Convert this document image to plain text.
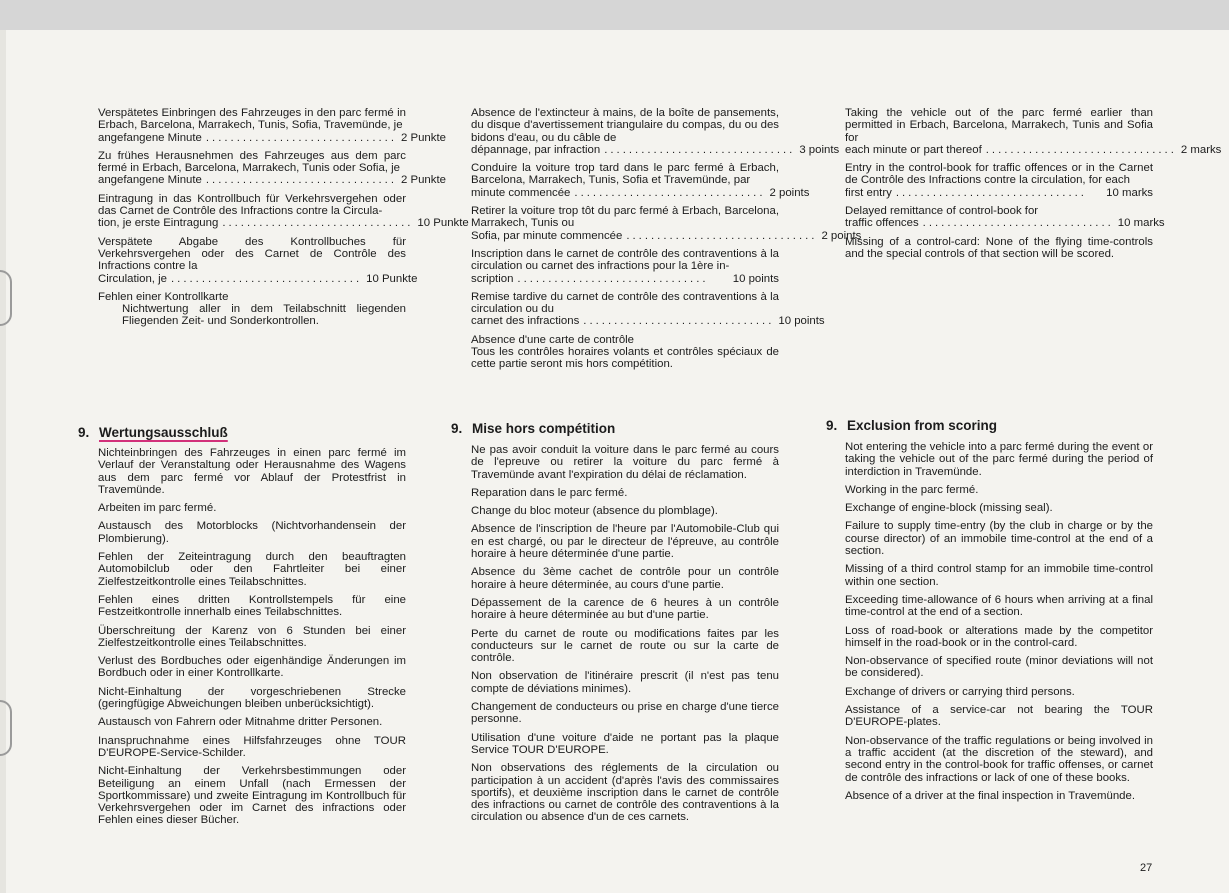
Verspätetes Einbringen des Fahrzeuges in den parc fermé in Erbach, Barcelona, Marrakech, Tunis, Sofia, Travemünde, je
angefangene Minute ............................... 2 Punkte
Zu frühes Herausnehmen des Fahrzeuges aus dem parc fermé in Erbach, Barcelona, Marrakech, Tunis oder Sofia, je
angefangene Minute ............................... 2 Punkte
Eintragung in das Kontrollbuch für Verkehrsvergehen oder das Carnet de Contrôle des Infractions contre la Circula-
tion, je erste Eintragung ............................... 10 Punkte
Verspätete Abgabe des Kontrollbuches für Verkehrsvergehen oder des Carnet de Contrôle des Infractions contre la
Circulation, je ............................... 10 Punkte
Fehlen einer Kontrollkarte
Nichtwertung aller in dem Teilabschnitt liegenden Fliegenden Zeit- und Sonderkontrollen.
9. Wertungsausschluß
Nichteinbringen des Fahrzeuges in einen parc fermé im Verlauf der Veranstaltung oder Herausnahme des Wagens aus dem parc fermé vor Ablauf der Protestfrist in Travemünde.
Arbeiten im parc fermé.
Austausch des Motorblocks (Nichtvorhandensein der Plombierung).
Fehlen der Zeiteintragung durch den beauftragten Automobilclub oder den Fahrtleiter bei einer Zielfestzeitkontrolle eines Teilabschnittes.
Fehlen eines dritten Kontrollstempels für eine Festzeitkontrolle innerhalb eines Teilabschnittes.
Überschreitung der Karenz von 6 Stunden bei einer Zielfestzeitkontrolle eines Teilabschnittes.
Verlust des Bordbuches oder eigenhändige Änderungen im Bordbuch oder in einer Kontrollkarte.
Nicht-Einhaltung der vorgeschriebenen Strecke (geringfügige Abweichungen bleiben unberücksichtigt).
Austausch von Fahrern oder Mitnahme dritter Personen.
Inanspruchnahme eines Hilfsfahrzeuges ohne TOUR D'EUROPE-Service-Schilder.
Nicht-Einhaltung der Verkehrsbestimmungen oder Beteiligung an einem Unfall (nach Ermessen der Sportkommissare) und zweite Eintragung im Kontrollbuch für Verkehrsvergehen oder im Carnet des infractions oder Fehlen eines dieser Bücher.
Absence de l'extincteur à mains, de la boîte de pansements, du disque d'avertissement triangulaire du compas, du ou des bidons d'eau, ou du câble de
dépannage, par infraction ............................... 3 points
Conduire la voiture trop tard dans le parc fermé à Erbach, Barcelona, Marrakech, Tunis, Sofia et Travemünde, par
minute commencée ............................... 2 points
Retirer la voiture trop tôt du parc fermé à Erbach, Barcelona, Marrakech, Tunis ou
Sofia, par minute commencée ............................... 2 points
Inscription dans le carnet de contrôle des contraventions à la circulation ou carnet des infractions pour la 1ère in-
scription ...............................	10 points
Remise tardive du carnet de contrôle des contraventions à la circulation ou du
carnet des infractions ............................... 10 points
Absence d'une carte de contrôle
Tous les contrôles horaires volants et contrôles spéciaux de cette partie seront mis hors compétition.
9. Mise hors compétition
Ne pas avoir conduit la voiture dans le parc fermé au cours de l'epreuve ou retirer la voiture du parc fermé à Travemünde avant l'expiration du délai de réclamation.
Reparation dans le parc fermé.
Change du bloc moteur (absence du plomblage).
Absence de l'inscription de l'heure par l'Automobile-Club qui en est chargé, ou par le directeur de l'épreuve, au contrôle horaire à heure déterminée d'une partie.
Absence du 3ème cachet de contrôle pour un contrôle horaire à heure déterminée, au cours d'une partie.
Dépassement de la carence de 6 heures à un contrôle horaire à heure déterminée au but d'une partie.
Perte du carnet de route ou modifications faites par les conducteurs sur le carnet de route ou sur la carte de contrôle.
Non observation de l'itinéraire prescrit (il n'est pas tenu compte de déviations minimes).
Changement de conducteurs ou prise en charge d'une tierce personne.
Utilisation d'une voiture d'aide ne portant pas la plaque Service TOUR D'EUROPE.
Non observations des réglements de la circulation ou participation à un accident (d'après l'avis des commissaires sportifs), et deuxième inscription dans le carnet de contrôle des infractions ou carnet de contrôle des contraventions à la circulation ou absence d'un de ces carnets.
Taking the vehicle out of the parc fermé earlier than permitted in Erbach, Barcelona, Marrakech, Tunis and Sofia for
each minute or part thereof ............................... 2 marks
Entry in the control-book for traffic offences or in the Carnet de Contrôle des Infractions contre la circulation, for each
first entry ...............................	10 marks
Delayed remittance of control-book for
traffic offences ............................... 10 marks
Missing of a control-card: None of the flying time-controls and the special controls of that section will be scored.
9. Exclusion from scoring
Not entering the vehicle into a parc fermé during the event or taking the vehicle out of the parc fermé during the period of interdiction in Travemünde.
Working in the parc fermé.
Exchange of engine-block (missing seal).
Failure to supply time-entry (by the club in charge or by the course director) of an immobile time-control at the end of a section.
Missing of a third control stamp for an immobile time-control within one section.
Exceeding time-allowance of 6 hours when arriving at a final time-control at the end of a section.
Loss of road-book or alterations made by the competitor himself in the road-book or in the control-card.
Non-observance of specified route (minor deviations will not be considered).
Exchange of drivers or carrying third persons.
Assistance of a service-car not bearing the TOUR D'EUROPE-plates.
Non-observance of the traffic regulations or being involved in a traffic accident (at the discretion of the steward), and second entry in the control-book for traffic offenses, or carnet de contrôle des infractions or lack of one of these books.
Absence of a driver at the final inspection in Travemünde.
27
